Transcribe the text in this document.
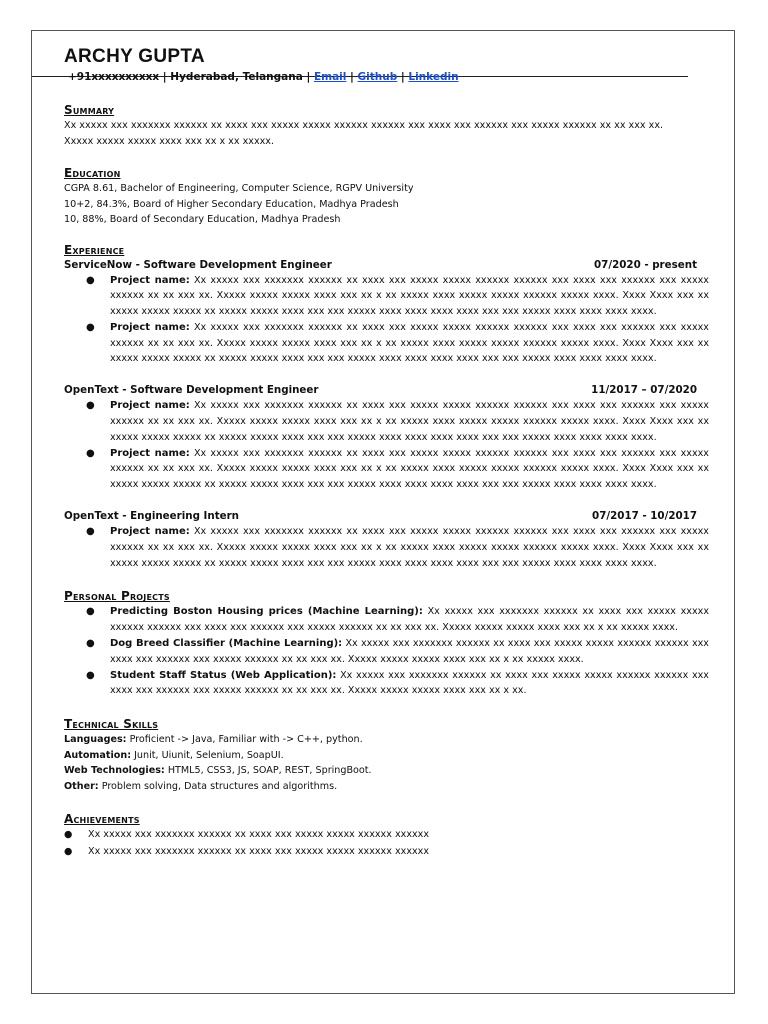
ARCHY GUPTA
+91xxxxxxxxxx | Hyderabad, Telangana | Email | Github | Linkedin
Summary
Xx xxxxx xxx xxxxxxx xxxxxx xx xxxx xxx xxxxx xxxxx xxxxxx xxxxxx xxx xxxx xxx xxxxxx xxx xxxxx xxxxxx xx xx xxx xx.
Xxxxx xxxxx xxxxx xxxx xxx xx x xx xxxxx.
Education
CGPA 8.61, Bachelor of Engineering, Computer Science, RGPV University
10+2, 84.3%, Board of Higher Secondary Education, Madhya Pradesh
10, 88%, Board of Secondary Education, Madhya Pradesh
Experience
ServiceNow - Software Development Engineer	07/2020 - present
● Project name: Xx xxxxx xxx xxxxxxx xxxxxx xx xxxx xxx xxxxx xxxxx xxxxxx xxxxxx xxx xxxx xxx xxxxxx xxx xxxxx xxxxxx xx xx xxx xx. Xxxxx xxxxx xxxxx xxxx xxx xx x xx xxxxx xxxx xxxxx xxxxx xxxxxx xxxxx xxxx. Xxxx Xxxx xxx xx xxxxx xxxxx xxxxx xx xxxxx xxxxx xxxx xxx xxx xxxxx xxxx xxxx xxxx xxxx xxx xxx xxxxx xxxx xxxx xxxx xxxx.
● Project name: Xx xxxxx xxx xxxxxxx xxxxxx xx xxxx xxx xxxxx xxxxx xxxxxx xxxxxx xxx xxxx xxx xxxxxx xxx xxxxx xxxxxx xx xx xxx xx. Xxxxx xxxxx xxxxx xxxx xxx xx x xx xxxxx xxxx xxxxx xxxxx xxxxxx xxxxx xxxx. Xxxx Xxxx xxx xx xxxxx xxxxx xxxxx xx xxxxx xxxxx xxxx xxx xxx xxxxx xxxx xxxx xxxx xxxx xxx xxx xxxxx xxxx xxxx xxxx xxxx.
OpenText - Software Development Engineer	11/2017 – 07/2020
● Project name: Xx xxxxx xxx xxxxxxx xxxxxx xx xxxx xxx xxxxx xxxxx xxxxxx xxxxxx xxx xxxx xxx xxxxxx xxx xxxxx xxxxxx xx xx xxx xx. Xxxxx xxxxx xxxxx xxxx xxx xx x xx xxxxx xxxx xxxxx xxxxx xxxxxx xxxxx xxxx. Xxxx Xxxx xxx xx xxxxx xxxxx xxxxx xx xxxxx xxxxx xxxx xxx xxx xxxxx xxxx xxxx xxxx xxxx xxx xxx xxxxx xxxx xxxx xxxx xxxx.
● Project name: Xx xxxxx xxx xxxxxxx xxxxxx xx xxxx xxx xxxxx xxxxx xxxxxx xxxxxx xxx xxxx xxx xxxxxx xxx xxxxx xxxxxx xx xx xxx xx. Xxxxx xxxxx xxxxx xxxx xxx xx x xx xxxxx xxxx xxxxx xxxxx xxxxxx xxxxx xxxx. Xxxx Xxxx xxx xx xxxxx xxxxx xxxxx xx xxxxx xxxxx xxxx xxx xxx xxxxx xxxx xxxx xxxx xxxx xxx xxx xxxxx xxxx xxxx xxxx xxxx.
OpenText - Engineering Intern	07/2017 - 10/2017
● Project name: Xx xxxxx xxx xxxxxxx xxxxxx xx xxxx xxx xxxxx xxxxx xxxxxx xxxxxx xxx xxxx xxx xxxxxx xxx xxxxx xxxxxx xx xx xxx xx. Xxxxx xxxxx xxxxx xxxx xxx xx x xx xxxxx xxxx xxxxx xxxxx xxxxxx xxxxx xxxx. Xxxx Xxxx xxx xx xxxxx xxxxx xxxxx xx xxxxx xxxxx xxxx xxx xxx xxxxx xxxx xxxx xxxx xxxx xxx xxx xxxxx xxxx xxxx xxxx xxxx.
Personal Projects
● Predicting Boston Housing prices (Machine Learning): Xx xxxxx xxx xxxxxxx xxxxxx xx xxxx xxx xxxxx xxxxx xxxxxx xxxxxx xxx xxxx xxx xxxxxx xxx xxxxx xxxxxx xx xx xxx xx. Xxxxx xxxxx xxxxx xxxx xxx xx x xx xxxxx xxxx.
● Dog Breed Classifier (Machine Learning): Xx xxxxx xxx xxxxxxx xxxxxx xx xxxx xxx xxxxx xxxxx xxxxxx xxxxxx xxx xxxx xxx xxxxxx xxx xxxxx xxxxxx xx xx xxx xx. Xxxxx xxxxx xxxxx xxxx xxx xx x xx xxxxx xxxx.
● Student Staff Status (Web Application): Xx xxxxx xxx xxxxxxx xxxxxx xx xxxx xxx xxxxx xxxxx xxxxxx xxxxxx xxx xxxx xxx xxxxxx xxx xxxxx xxxxxx xx xx xxx xx. Xxxxx xxxxx xxxxx xxxx xxx xx x xx.
Technical Skills
Languages: Proficient -> Java, Familiar with -> C++, python.
Automation: Junit, Uiunit, Selenium, SoapUI.
Web Technologies: HTML5, CSS3, JS, SOAP, REST, SpringBoot.
Other: Problem solving, Data structures and algorithms.
Achievements
● Xx xxxxx xxx xxxxxxx xxxxxx xx xxxx xxx xxxxx xxxxx xxxxxx xxxxxx
● Xx xxxxx xxx xxxxxxx xxxxxx xx xxxx xxx xxxxx xxxxx xxxxxx xxxxxx
